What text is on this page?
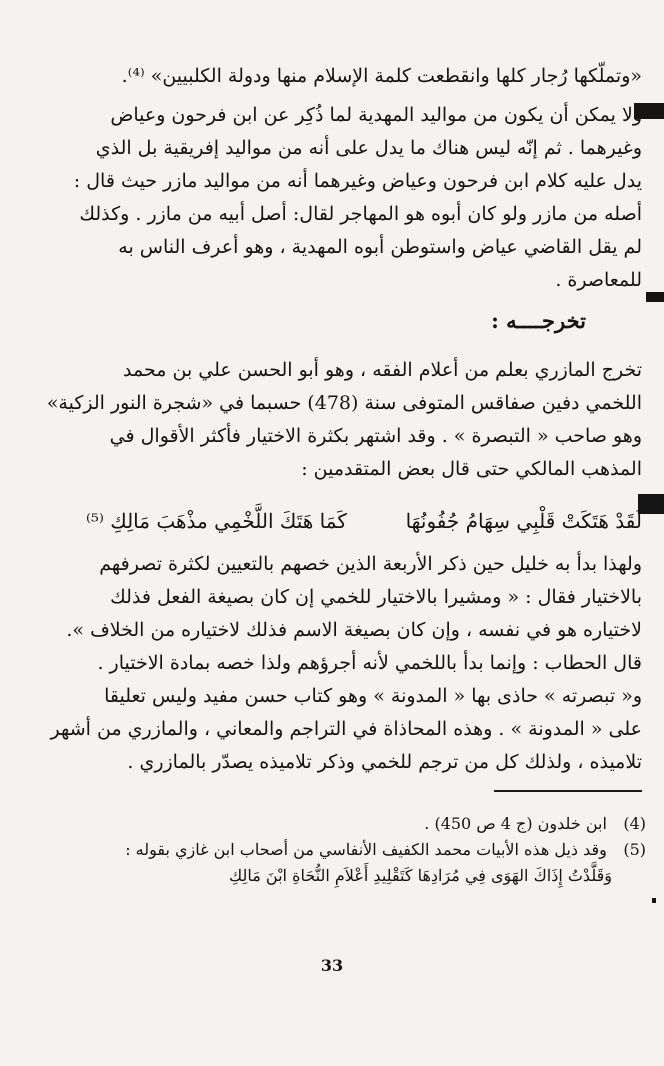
«وتملّكها رُجار كلها وانقطعت كلمة الإسلام منها ودولة الكلبيين» ⁽⁴⁾.
ولا يمكن أن يكون من مواليد المهدية لما ذُكِر عن ابن فرحون وعياض
وغيرهما . ثم إنّه ليس هناك ما يدل على أنه من مواليد إفريقية بل الذي
يدل عليه كلام ابن فرحون وعياض وغيرهما أنه من مواليد مازر حيث قال :
أصله من مازر ولو كان أبوه هو المهاجر لقال: أصل أبيه من مازر . وكذلك
لم يقل القاضي عياض واستوطن أبوه المهدية ، وهو أعرف الناس به
للمعاصرة .
تخرجــــه :
تخرج المازري بعلم من أعلام الفقه ، وهو أبو الحسن علي بن محمد
اللخمي دفين صفاقس المتوفى سنة (478) حسبما في «شجرة النور الزكية»
وهو صاحب « التبصرة » . وقد اشتهر بكثرة الاختيار فأكثر الأقوال في
المذهب المالكي حتى قال بعض المتقدمين :
لَقَدْ هَتَكَتْ قَلْبِي سِهَامُ جُفُونُهَا
كَمَا هَتَكَ اللَّخْمِي مذْهَبَ مَالِكِ ⁽⁵⁾
ولهذا بدأ به خليل حين ذكر الأربعة الذين خصهم بالتعيين لكثرة تصرفهم
بالاختيار فقال : « ومشيرا بالاختيار للخمي إن كان بصيغة الفعل فذلك
لاختياره هو في نفسه ، وإن كان بصيغة الاسم فذلك لاختياره من الخلاف ».
قال الحطاب : وإنما بدأ باللخمي لأنه أجرؤهم ولذا خصه بمادة الاختيار .
و« تبصرته » حاذى بها « المدونة » وهو كتاب حسن مفيد وليس تعليقا
على « المدونة » . وهذه المحاذاة في التراجم والمعاني ، والمازري من أشهر
تلاميذه ، ولذلك كل من ترجم للخمي وذكر تلاميذه يصدّر بالمازري .
(4) ابن خلدون (ج 4 ص 450) .
(5) وقد ذيل هذه الأبيات محمد الكفيف الأنفاسي من أصحاب ابن غازي بقوله :
وَقَلَّدْتُ إِذَاكَ الهَوَى فِي مُرَادِهَا كَتَقْلِيدِ أَعْلاَمِ النُّحَاةِ ابْنَ مَالِكِ
33
